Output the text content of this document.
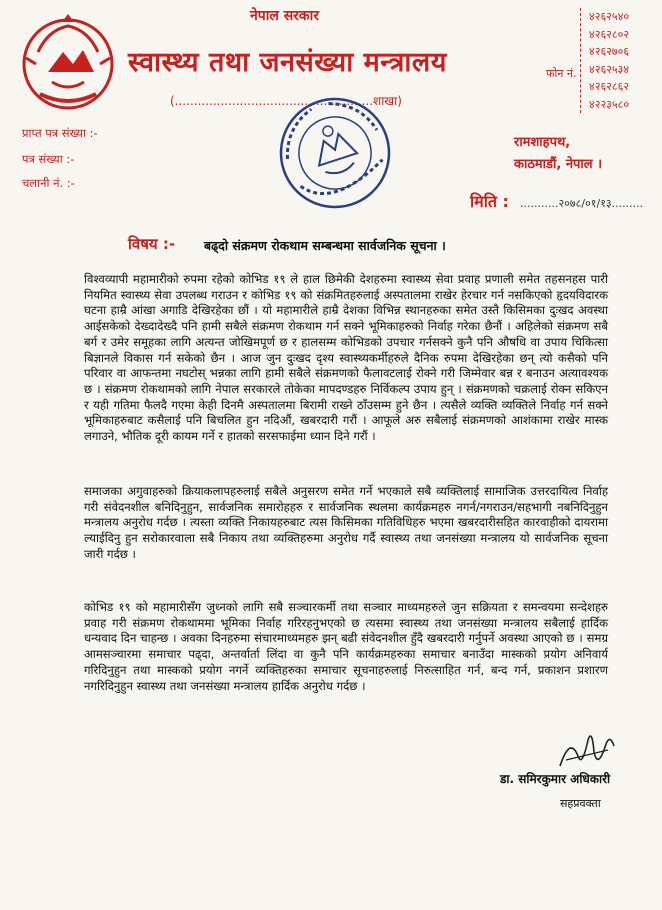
नेपाल सरकार
स्वास्थ्य तथा जनसंख्या मन्त्रालय
(....................................................शाखा)
फोन नं.
४२६२५४०
४२६२८०२
४२६२७०६
४२६२५३४
४२६२८६२
४२२३५८०
प्राप्त पत्र संख्या :-
पत्र संख्या :-
चलानी नं. :-
रामशाहपथ,
काठमाडौं, नेपाल ।
मिति : ...........२०७८/०१/१३.........
विषय :- बढ्दो संक्रमण रोकथाम सम्बन्धमा सार्वजनिक सूचना ।
विश्वव्यापी महामारीको रुपमा रहेको कोभिड १९ ले हाल छिमेकी देशहरुमा स्वास्थ्य सेवा प्रवाह प्रणाली समेत तहसनहस पारी नियमित स्वास्थ्य सेवा उपलब्ध गराउन र कोभिड १९ को संक्रमितहरुलाई अस्पतालमा राखेर हेरचार गर्न नसकिएको हृदयविदारक घटना हाम्रै आंखा अगाडि देखिरहेका छौं । यो महामारीले हाम्रै देशका विभिन्न स्थानहरुका समेत उस्तै किसिमका दुःखद अवस्था आईसकेको देख्दादेख्दै पनि हामी सबैले संक्रमण रोकथाम गर्न सक्ने भूमिकाहरुको निर्वाह गरेका छैनौं । अहिलेको संक्रमण सबै बर्ग र उमेर समूहका लागि अत्यन्त जोखिमपूर्ण छ र हालसम्म कोभिडको उपचार गर्नसक्ने कुनै पनि औषधि वा उपाय चिकित्सा बिज्ञानले विकास गर्न सकेको छैन । आज जुन दुःखद दृश्य स्वास्थ्यकर्मीहरुले दैनिक रुपमा देखिरहेका छन् त्यो कसैको पनि परिवार वा आफन्तमा नघटोस् भन्नका लागि हामी सबैले संक्रमणको फैलावटलाई रोक्ने गरी जिम्मेवार बन्न र बनाउन अत्यावश्यक छ । संक्रमण रोकथामको लागि नेपाल सरकारले तोकेका मापदण्डहरु निर्विकल्प उपाय हुन् । संक्रमणको चक्रलाई रोक्न सकिएन र यही गतिमा फैलदै गएमा केही दिनमै अस्पतालमा बिरामी राख्ने ठाँउसम्म हुने छैन । त्यसैले व्यक्ति व्यक्तिले निर्वाह गर्न सक्ने भूमिकाहरुबाट कसैलाई पनि बिचलित हुन नदिऔं, खबरदारी गरौं । आफूले अरु सबैलाई संक्रमणको आशंकामा राखेर मास्क लगाउने, भौतिक दूरी कायम गर्ने र हातको सरसफाईमा ध्यान दिने गरौं ।
समाजका अगुवाहरुको क्रियाकलापहरुलाई सबैले अनुसरण समेत गर्ने भएकाले सबै व्यक्तिलाई सामाजिक उत्तरदायित्व निर्वाह गरी संवेदनशील बनिदिनुहुन, सार्वजनिक समारोहहरु र सार्वजनिक स्थलमा कार्यक्रमहरु नगर्न/नगराउन/सहभागी नबनिदिनुहुन मन्त्रालय अनुरोध गर्दछ । त्यस्ता व्यक्ति निकायहरुबाट त्यस किसिमका गतिविधिहरु भएमा खबरदारीसहित कारवाहीको दायरामा ल्याईदिनु हुन सरोकारवाला सबै निकाय तथा व्यक्तिहरुमा अनुरोध गर्दै स्वास्थ्य तथा जनसंख्या मन्त्रालय यो सार्वजनिक सूचना जारी गर्दछ ।
कोभिड १९ को महामारीसँग जुध्नको लागि सबै सञ्चारकर्मी तथा सञ्चार माध्यमहरुले जुन सक्रियता र समन्वयमा सन्देशहरु प्रवाह गरी संक्रमण रोकथाममा भूमिका निर्वाह गरिरहनुभएको छ त्यसमा स्वास्थ्य तथा जनसंख्या मन्त्रालय सबैलाई हार्दिक धन्यवाद दिन चाहन्छ । अवका दिनहरुमा संचारमाध्यमहरु झन् बढी संवेदनशील हुँदै खबरदारी गर्नुपर्ने अवस्था आएको छ । समग्र आमसञ्चारमा समाचार पढ्दा, अन्तर्वार्ता लिंदा वा कुनै पनि कार्यक्रमहरुका समाचार बनाउँदा मास्कको प्रयोग अनिवार्य गरिदिनुहुन तथा मास्कको प्रयोग नगर्ने व्यक्तिहरुका समाचार सूचनाहरुलाई निरुत्साहित गर्न, बन्द गर्न, प्रकाशन प्रशारण नगरिदिनुहुन स्वास्थ्य तथा जनसंख्या मन्त्रालय हार्दिक अनुरोध गर्दछ ।
डा. समिरकुमार अधिकारी
सहप्रवक्ता
